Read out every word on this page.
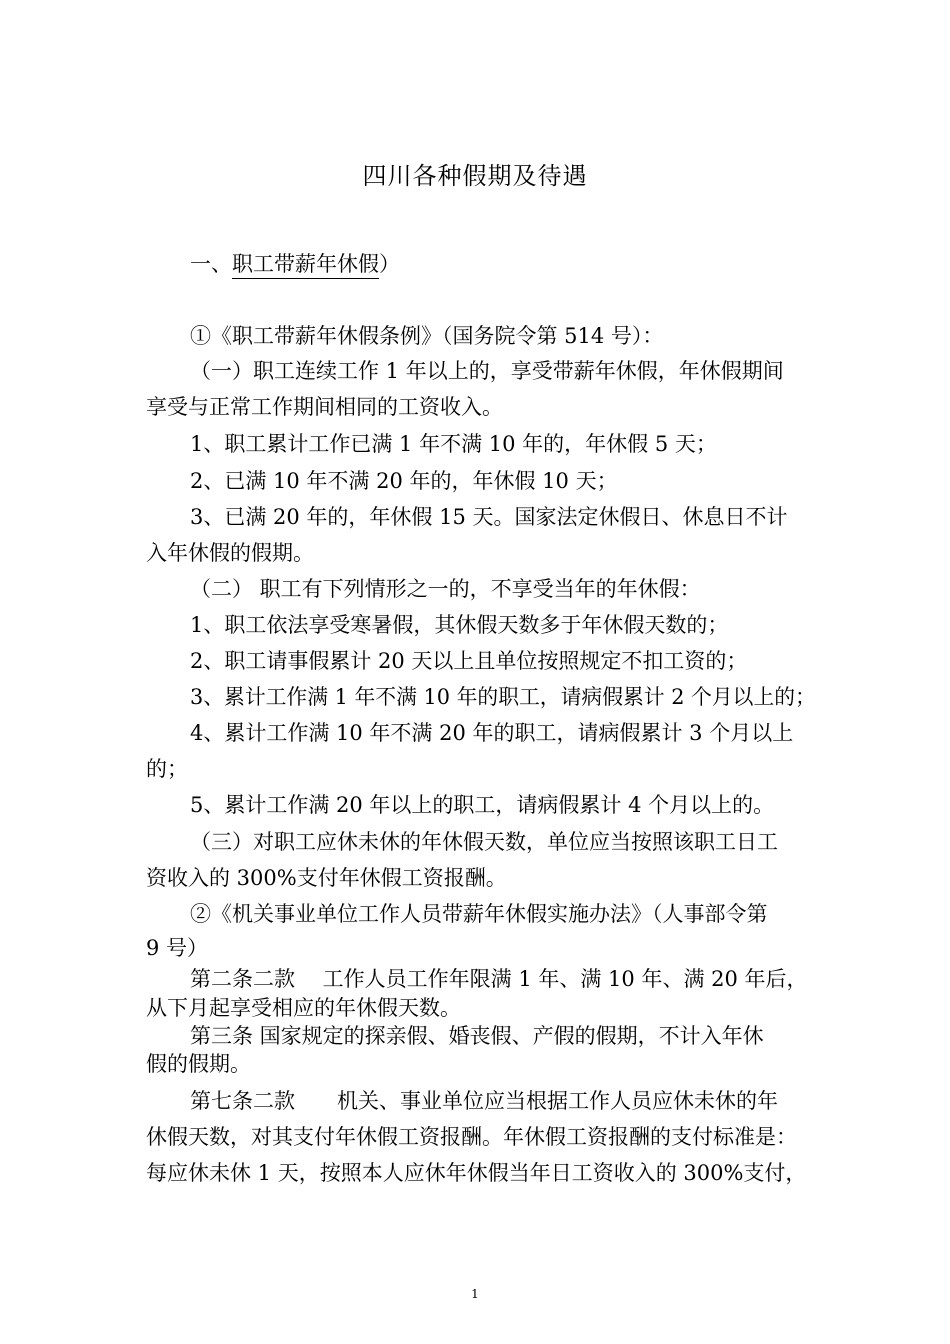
四川各种假期及待遇
一、职工带薪年休假）
①《职工带薪年休假条例》（国务院令第 514 号）：
（一）职工连续工作 1 年以上的，享受带薪年休假，年休假期间
享受与正常工作期间相同的工资收入。
1、职工累计工作已满 1 年不满 10 年的，年休假 5 天；
2、已满 10 年不满 20 年的，年休假 10 天；
3、已满 20 年的，年休假 15 天。国家法定休假日、休息日不计
入年休假的假期。
（二） 职工有下列情形之一的，不享受当年的年休假：
1、职工依法享受寒暑假，其休假天数多于年休假天数的；
2、职工请事假累计 20 天以上且单位按照规定不扣工资的；
3、累计工作满 1 年不满 10 年的职工，请病假累计 2 个月以上的；
4、累计工作满 10 年不满 20 年的职工，请病假累计 3 个月以上
的；
5、累计工作满 20 年以上的职工，请病假累计 4 个月以上的。
（三）对职工应休未休的年休假天数，单位应当按照该职工日工
资收入的 300%支付年休假工资报酬。
②《机关事业单位工作人员带薪年休假实施办法》（人事部令第
9 号）
第二条二款　 工作人员工作年限满 1 年、满 10 年、满 20 年后，
从下月起享受相应的年休假天数。
第三条 国家规定的探亲假、婚丧假、产假的假期，不计入年休
假的假期。
第七条二款　　机关、事业单位应当根据工作人员应休未休的年
休假天数，对其支付年休假工资报酬。年休假工资报酬的支付标准是：
每应休未休 1 天，按照本人应休年休假当年日工资收入的 300%支付，
1
